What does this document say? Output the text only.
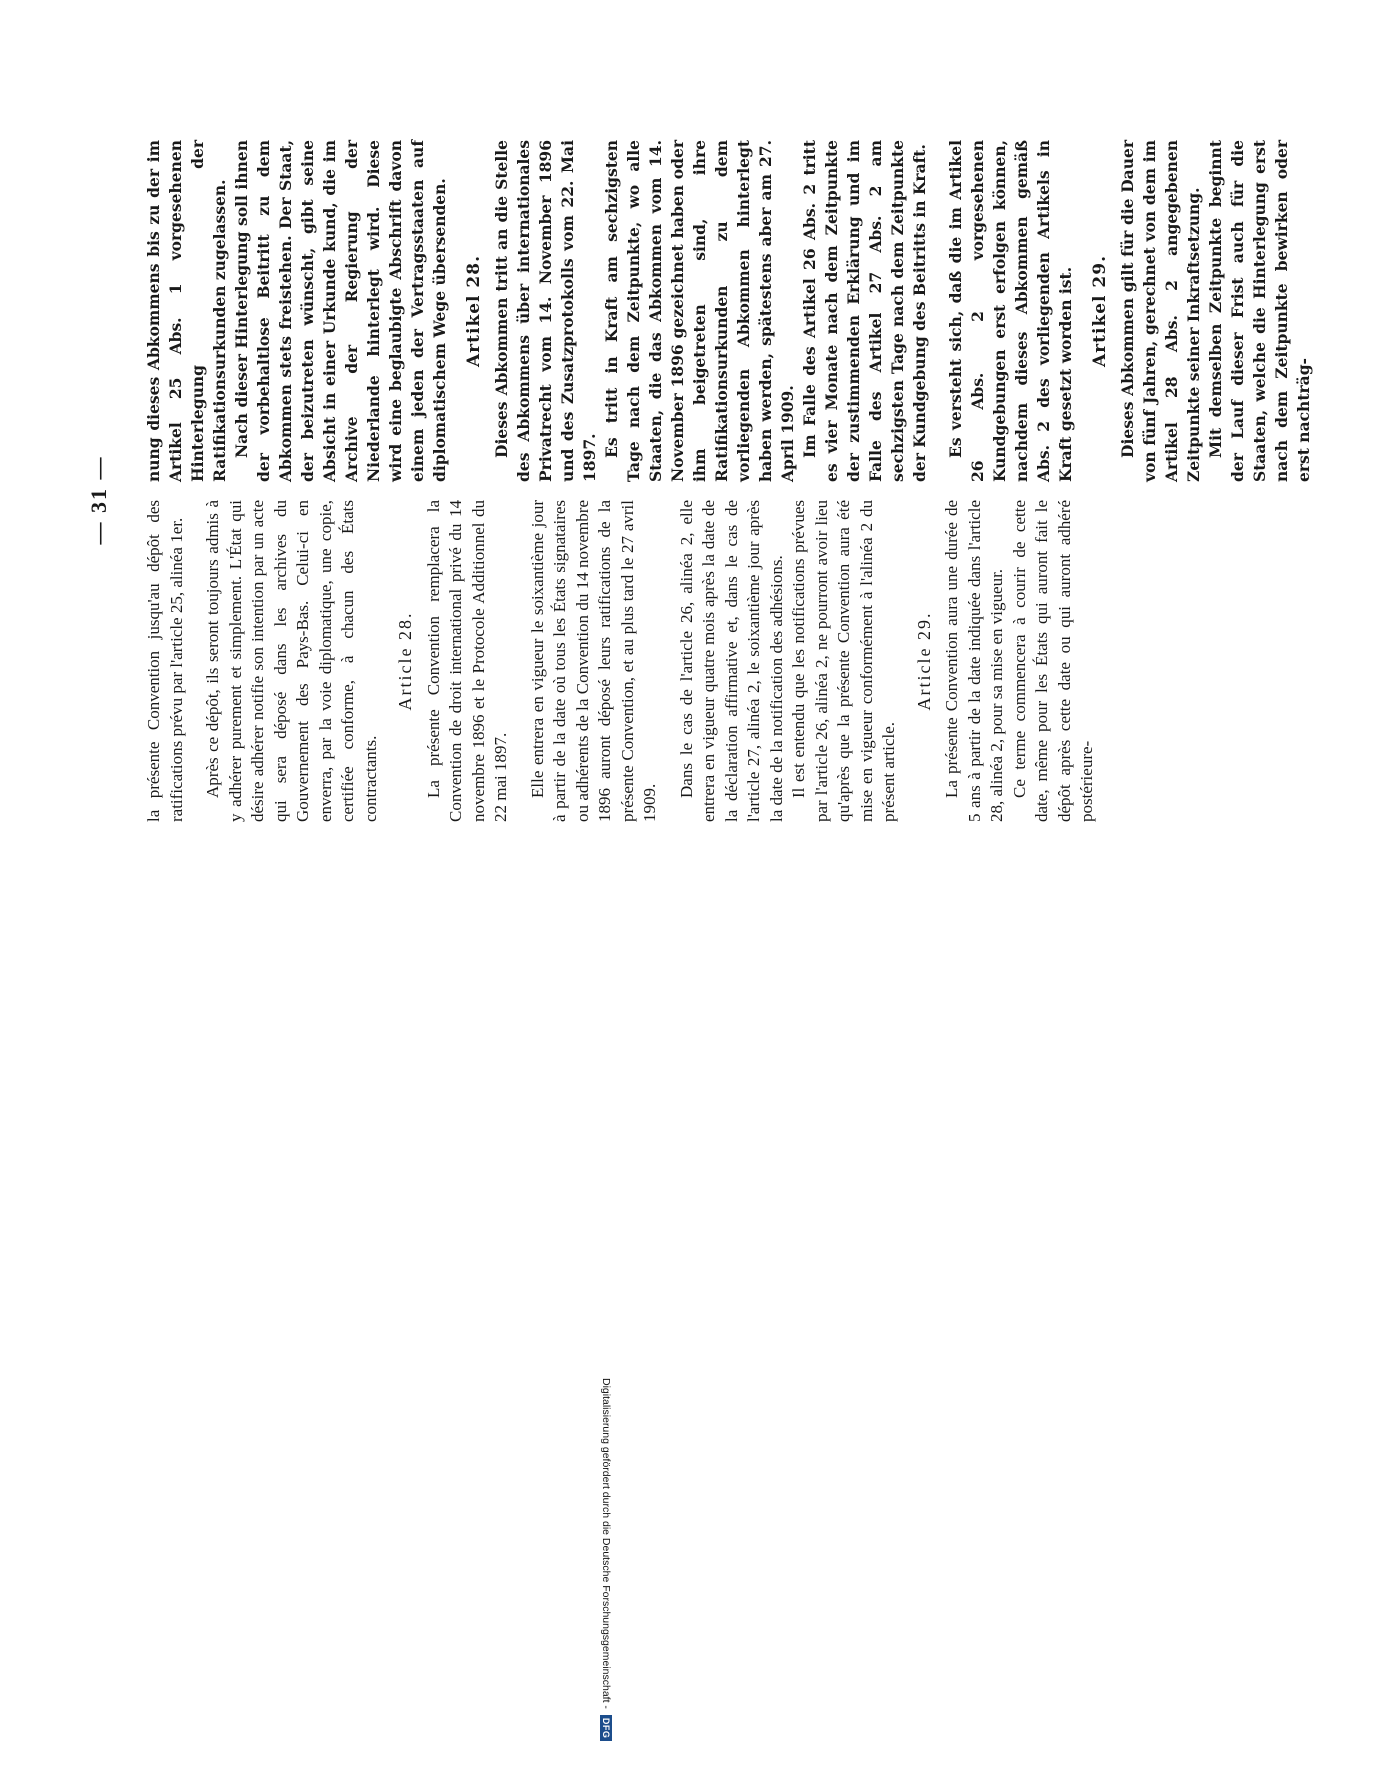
— 31 — la présente Convention jusqu'au dépôt des ratifications prévu par l'article 25, alinéa 1er. Après ce dépôt, ils seront toujours admis à y adhérer purement et simplement. L'État qui désire adhérer notifie son intention par un acte qui sera déposé dans les archives du Gouvernement des Pays-Bas. Celui-ci en enverra, par la voie diplomatique, une copie, certifiée conforme, à chacun des États contractants.

Article 28. La présente Convention remplacera la Convention de droit international privé du 14 novembre 1896 et le Protocole Additionnel du 22 mai 1897. Elle entrera en vigueur le soixantième jour à partir de la date où tous les États signataires ou adhérents de la Convention du 14 novembre 1896 auront déposé leurs ratifications de la présente Convention, et au plus tard le 27 avril 1909.

Dans le cas de l'article 26, alinéa 2, elle entrera en vigueur quatre mois après la date de la déclaration affirmative et, dans le cas de l'article 27, alinéa 2, le soixantième jour après la date de la notification des adhésions. Il est entendu que les notifications prévues par l'article 26, alinéa 2, ne pourront avoir lieu qu'après que la présente Convention aura été mise en vigueur conformément à l'alinéa 2 du présent article.

Article 29. La présente Convention aura une durée de 5 ans à partir de la date indiquée dans l'article 28, alinéa 2, pour sa mise en vigueur. Ce terme commencera à courir de cette date, même pour les États qui auront fait le dépôt après cette date ou qui auront adhéré postérieure-

nung dieses Abkommens bis zu der im Artikel 25 Abs. 1 vorgesehenen Hinterlegung der Ratifikationsurkunden zugelassen. Nach dieser Hinterlegung soll ihnen der vorbehaltlose Beitritt zu dem Abkommen stets freistehen. Der Staat, der beizutreten wünscht, gibt seine Absicht in einer Urkunde kund, die im Archive der Regierung der Niederlande hinterlegt wird. Diese wird eine beglaubigte Abschrift davon einem jeden der Vertragsstaaten auf diplomatischem Wege übersenden. Artikel 28. Dieses Abkommen tritt an die Stelle des Abkommens über internationales Privatrecht vom 14. November 1896 und des Zusatzprotokolls vom 22. Mai 1897. Es tritt in Kraft am sechzigsten Tage nach dem Zeitpunkte, wo alle Staaten, die das Abkommen vom 14. November 1896 gezeichnet haben oder ihm beigetreten sind, ihre Ratifikationsurkunden zu dem vorliegenden Abkommen hinterlegt haben werden, spätestens aber am 27. April 1909. Im Falle des Artikel 26 Abs. 2 tritt es vier Monate nach dem Zeitpunkte der zustimmenden Erklärung und im Falle des Artikel 27 Abs. 2 am sechzigsten Tage nach dem Zeitpunkte der Kundgebung des Beitritts in Kraft. Es versteht sich, daß die im Artikel 26 Abs. 2 vorgesehenen Kundgebungen erst erfolgen können, nachdem dieses Abkommen gemäß Abs. 2 des vorliegenden Artikels in Kraft gesetzt worden ist. Artikel 29. Dieses Abkommen gilt für die Dauer von fünf Jahren, gerechnet von dem im Artikel 28 Abs. 2 angegebenen Zeitpunkte seiner Inkraftsetzung. Mit demselben Zeitpunkte beginnt der Lauf dieser Frist auch für die Staaten, welche die Hinterlegung erst nach dem Zeitpunkte bewirken oder erst nachträg-

Digitalisierung gefördert durch die Deutsche Forschungsgemeinschaft -
DFG
